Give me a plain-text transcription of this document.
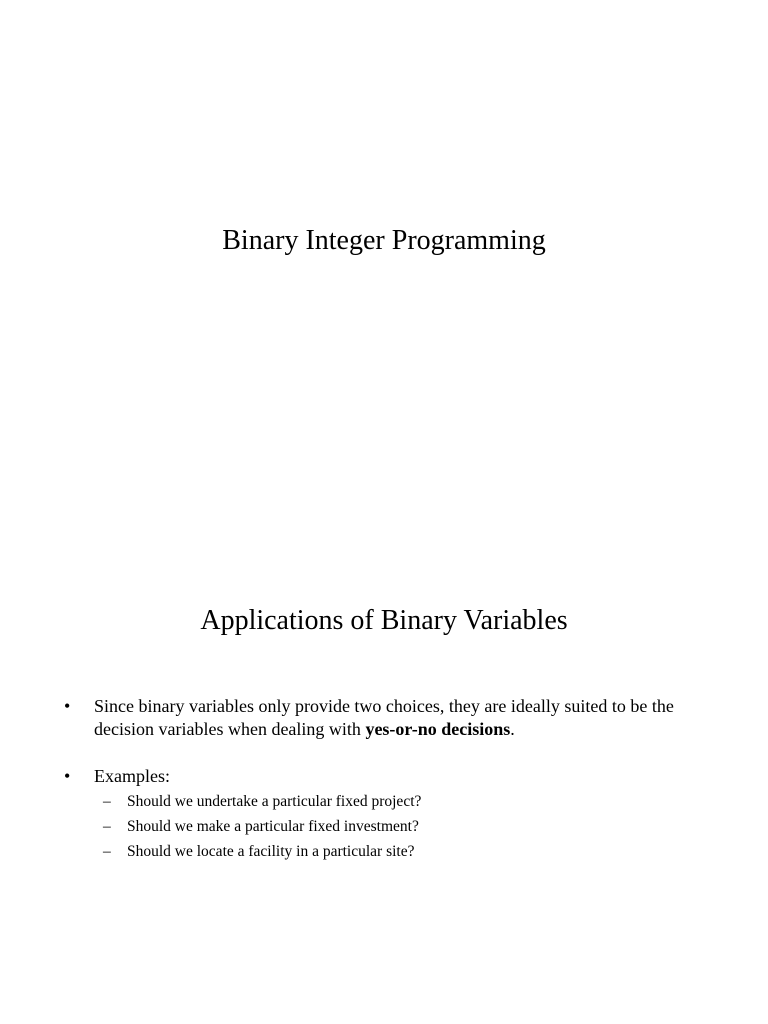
Binary Integer Programming
Applications of Binary Variables
• Since binary variables only provide two choices, they are ideally suited to be the decision variables when dealing with yes-or-no decisions.
• Examples:
– Should we undertake a particular fixed project?
– Should we make a particular fixed investment?
– Should we locate a facility in a particular site?
